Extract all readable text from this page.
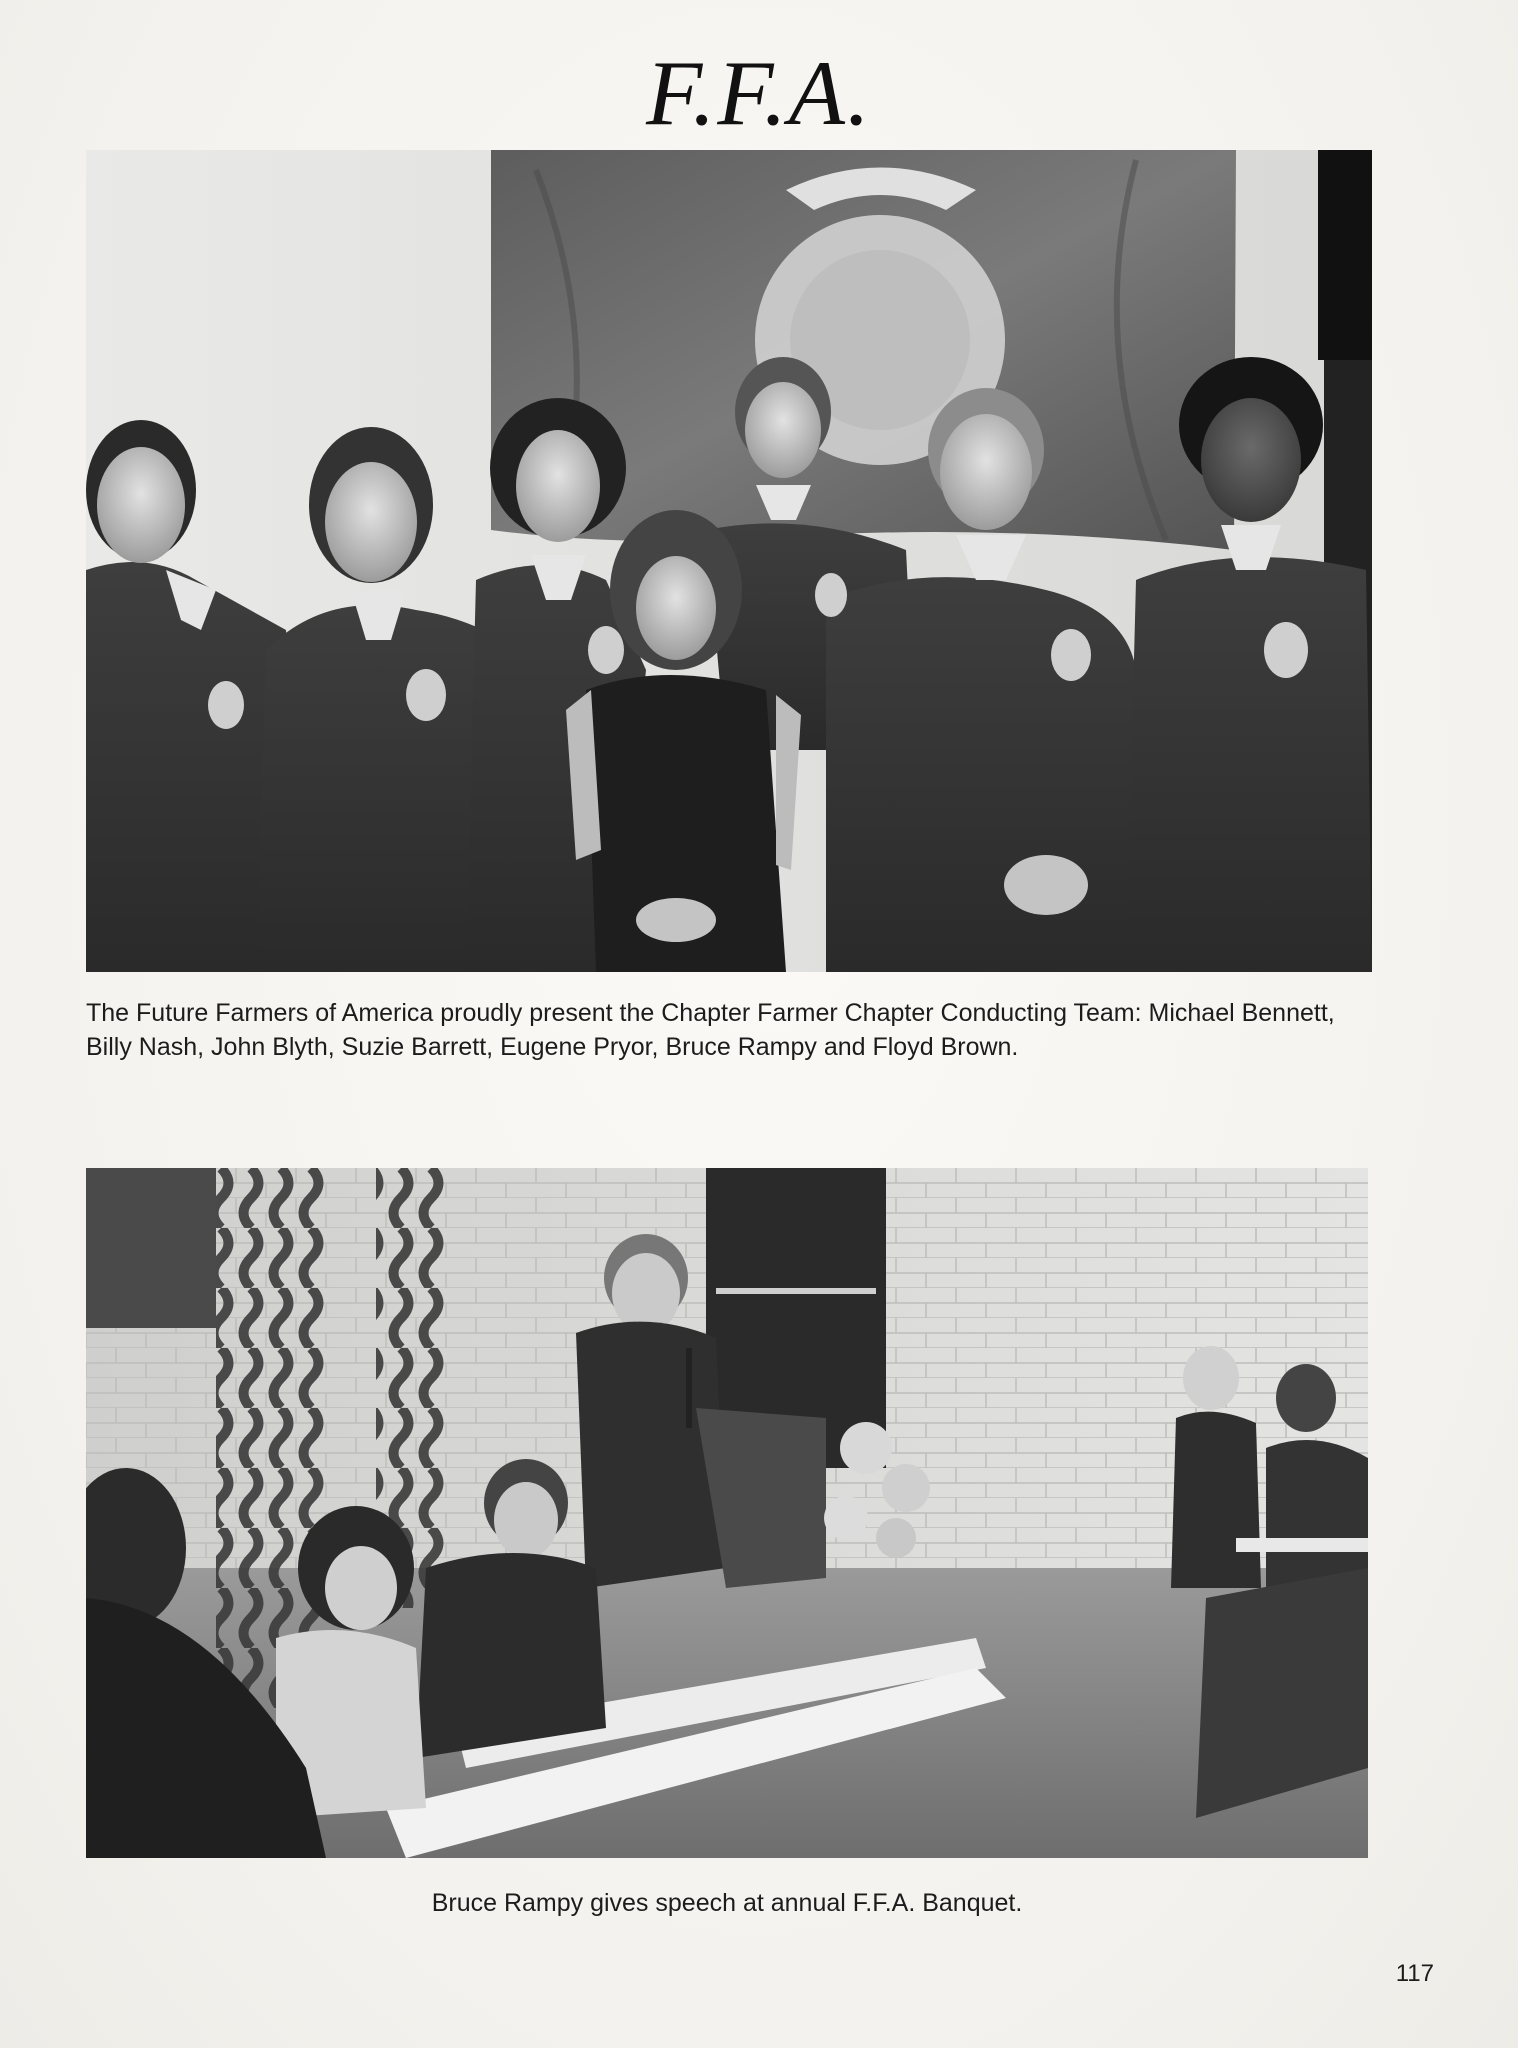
F.F.A.
The Future Farmers of America proudly present the Chapter Farmer Chapter Conducting Team: Michael Bennett, Billy Nash, John Blyth, Suzie Barrett, Eugene Pryor, Bruce Rampy and Floyd Brown.
Bruce Rampy gives speech at annual F.F.A. Banquet.
117
